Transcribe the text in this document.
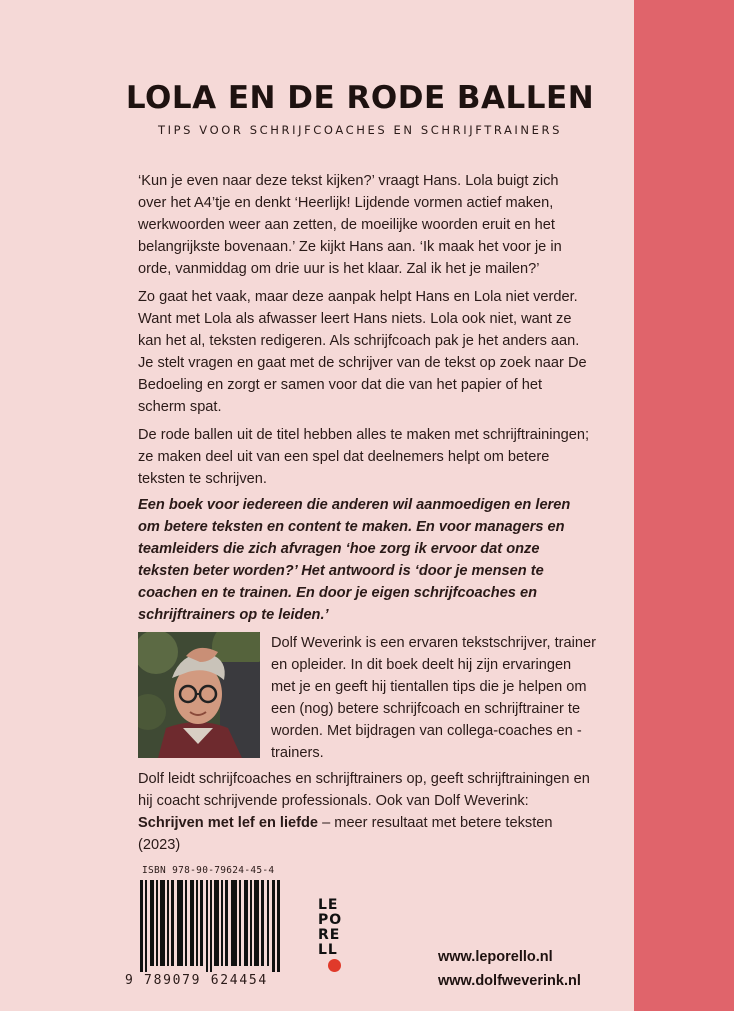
LOLA EN DE RODE BALLEN
TIPS VOOR SCHRIJFCOACHES EN SCHRIJFTRAINERS

‘Kun je even naar deze tekst kijken?’ vraagt Hans. Lola buigt zich over het A4’tje en denkt ‘Heerlijk! Lijdende vormen actief maken, werkwoorden weer aan zetten, de moeilijke woorden eruit en het belangrijkste bovenaan.’ Ze kijkt Hans aan. ‘Ik maak het voor je in orde, vanmiddag om drie uur is het klaar. Zal ik het je mailen?’

Zo gaat het vaak, maar deze aanpak helpt Hans en Lola niet verder. Want met Lola als afwasser leert Hans niets. Lola ook niet, want ze kan het al, teksten redigeren. Als schrijfcoach pak je het anders aan. Je stelt vragen en gaat met de schrijver van de tekst op zoek naar De Bedoeling en zorgt er samen voor dat die van het papier of het scherm spat.

De rode ballen uit de titel hebben alles te maken met schrijftrainingen; ze maken deel uit van een spel dat deelnemers helpt om betere teksten te schrijven.

Een boek voor iedereen die anderen wil aanmoedigen en leren om betere teksten en content te maken. En voor managers en teamleiders die zich afvragen ‘hoe zorg ik ervoor dat onze teksten beter worden?’ Het antwoord is ‘door je mensen te coachen en te trainen. En door je eigen schrijfcoaches en schrijftrainers op te leiden.’

Dolf Weverink is een ervaren tekstschrijver, trainer en opleider. In dit boek deelt hij zijn ervaringen met je en geeft hij tientallen tips die je helpen om een (nog) betere schrijfcoach en schrijftrainer te worden. Met bijdragen van collega-coaches en -trainers.

Dolf leidt schrijfcoaches en schrijftrainers op, geeft schrijftrainingen en hij coacht schrijvende professionals. Ook van Dolf Weverink: Schrijven met lef en liefde – meer resultaat met betere teksten (2023)

ISBN 978-90-79624-45-4
9 789079 624454
LE
PO
RE
LL	www.leporello.nl
www.dolfweverink.nl
